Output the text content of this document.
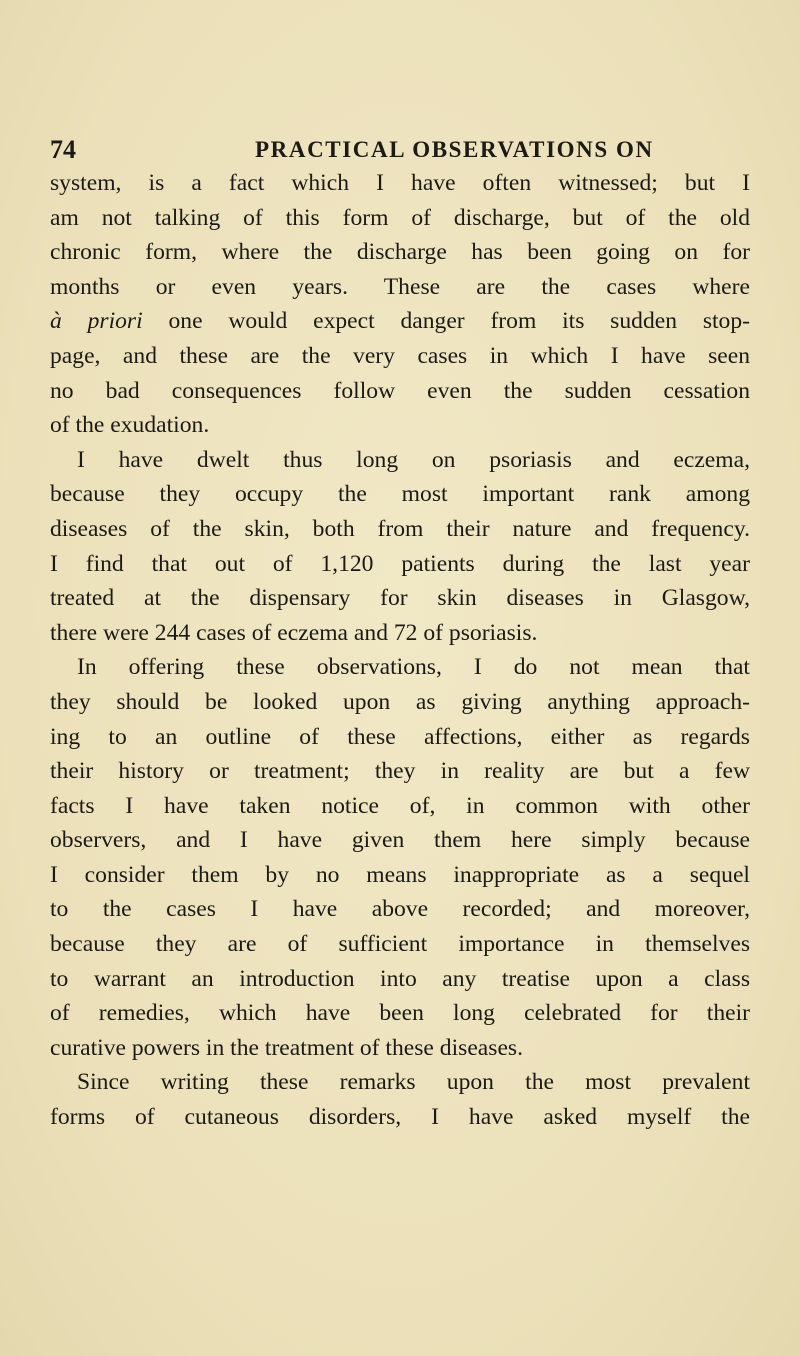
74	PRACTICAL OBSERVATIONS ON
system, is a fact which I have often witnessed; but I
am not talking of this form of discharge, but of the old
chronic form, where the discharge has been going on for
months or even years. These are the cases where
à priori one would expect danger from its sudden stop-
page, and these are the very cases in which I have seen
no bad consequences follow even the sudden cessation
of the exudation.
I have dwelt thus long on psoriasis and eczema,
because they occupy the most important rank among
diseases of the skin, both from their nature and frequency.
I find that out of 1,120 patients during the last year
treated at the dispensary for skin diseases in Glasgow,
there were 244 cases of eczema and 72 of psoriasis.
In offering these observations, I do not mean that
they should be looked upon as giving anything approach-
ing to an outline of these affections, either as regards
their history or treatment; they in reality are but a few
facts I have taken notice of, in common with other
observers, and I have given them here simply because
I consider them by no means inappropriate as a sequel
to the cases I have above recorded; and moreover,
because they are of sufficient importance in themselves
to warrant an introduction into any treatise upon a class
of remedies, which have been long celebrated for their
curative powers in the treatment of these diseases.
Since writing these remarks upon the most prevalent
forms of cutaneous disorders, I have asked myself the
